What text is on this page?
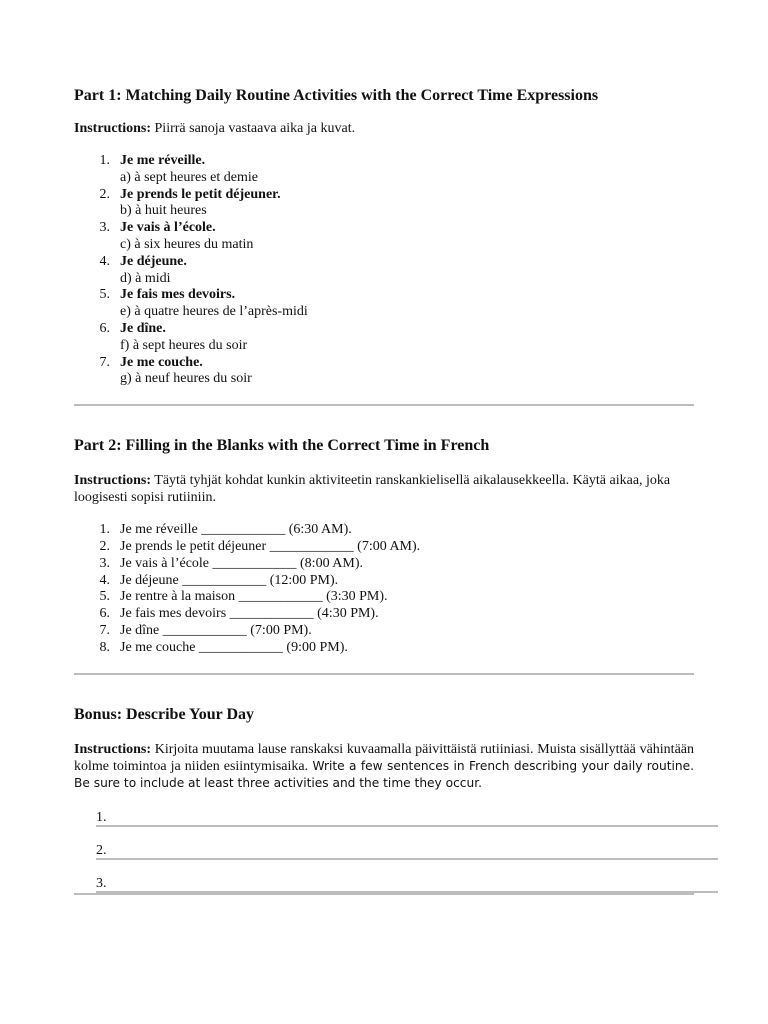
Part 1: Matching Daily Routine Activities with the Correct Time Expressions

Instructions: Piirrä sanoja vastaava aika ja kuvat.

1. Je me réveille.
a) à sept heures et demie
2. Je prends le petit déjeuner.
b) à huit heures
3. Je vais à l’école.
c) à six heures du matin
4. Je déjeune.
d) à midi
5. Je fais mes devoirs.
e) à quatre heures de l’après-midi
6. Je dîne.
f) à sept heures du soir
7. Je me couche.
g) à neuf heures du soir
Part 2: Filling in the Blanks with the Correct Time in French

Instructions: Täytä tyhjät kohdat kunkin aktiviteetin ranskankielisellä aikalausekkeella. Käytä aikaa, joka loogisesti sopisi rutiiniin.

1. Je me réveille ____________ (6:30 AM).
2. Je prends le petit déjeuner ____________ (7:00 AM).
3. Je vais à l’école ____________ (8:00 AM).
4. Je déjeune ____________ (12:00 PM).
5. Je rentre à la maison ____________ (3:30 PM).
6. Je fais mes devoirs ____________ (4:30 PM).
7. Je dîne ____________ (7:00 PM).
8. Je me couche ____________ (9:00 PM).
Bonus: Describe Your Day

Instructions: Kirjoita muutama lause ranskaksi kuvaamalla päivittäistä rutiiniasi. Muista sisällyttää vähintään kolme toimintoa ja niiden esiintymisaika. Write a few sentences in French describing your daily routine. Be sure to include at least three activities and the time they occur.

1.
2.
3.
